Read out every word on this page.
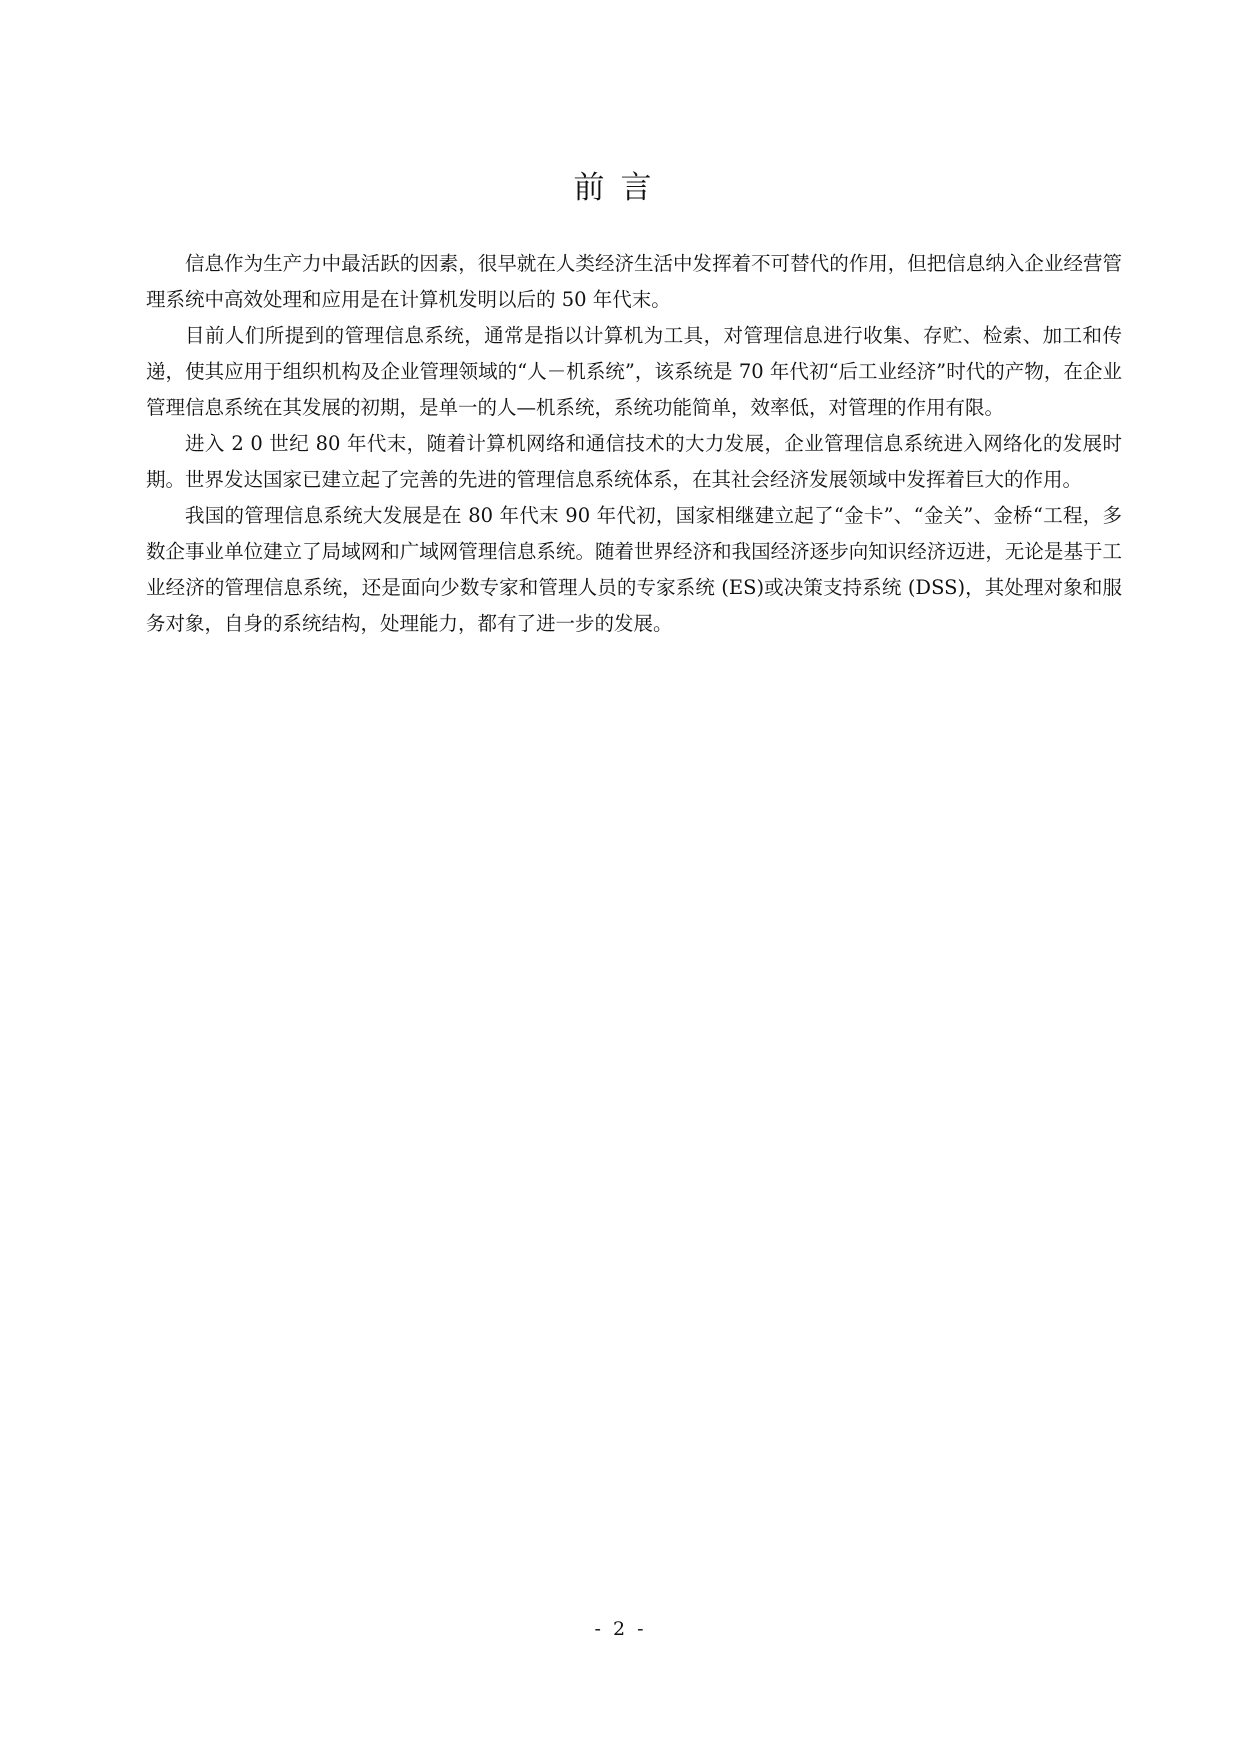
前言

信息作为生产力中最活跃的因素，很早就在人类经济生活中发挥着不可替代的作用，但把信息纳入企业经营管理系统中高效处理和应用是在计算机发明以后的 50 年代末。

目前人们所提到的管理信息系统，通常是指以计算机为工具，对管理信息进行收集、存贮、检索、加工和传递，使其应用于组织机构及企业管理领域的“人－机系统”，该系统是 70 年代初“后工业经济”时代的产物，在企业管理信息系统在其发展的初期，是单一的人—机系统，系统功能简单，效率低，对管理的作用有限。

进入 2 0 世纪 80 年代末，随着计算机网络和通信技术的大力发展，企业管理信息系统进入网络化的发展时期。世界发达国家已建立起了完善的先进的管理信息系统体系，在其社会经济发展领域中发挥着巨大的作用。

我国的管理信息系统大发展是在 80 年代末 90 年代初，国家相继建立起了“金卡”、“金关”、金桥“工程，多数企事业单位建立了局域网和广域网管理信息系统。随着世界经济和我国经济逐步向知识经济迈进，无论是基于工业经济的管理信息系统，还是面向少数专家和管理人员的专家系统 (ES)或决策支持系统 (DSS)，其处理对象和服务对象，自身的系统结构，处理能力，都有了进一步的发展。

- 2 -
